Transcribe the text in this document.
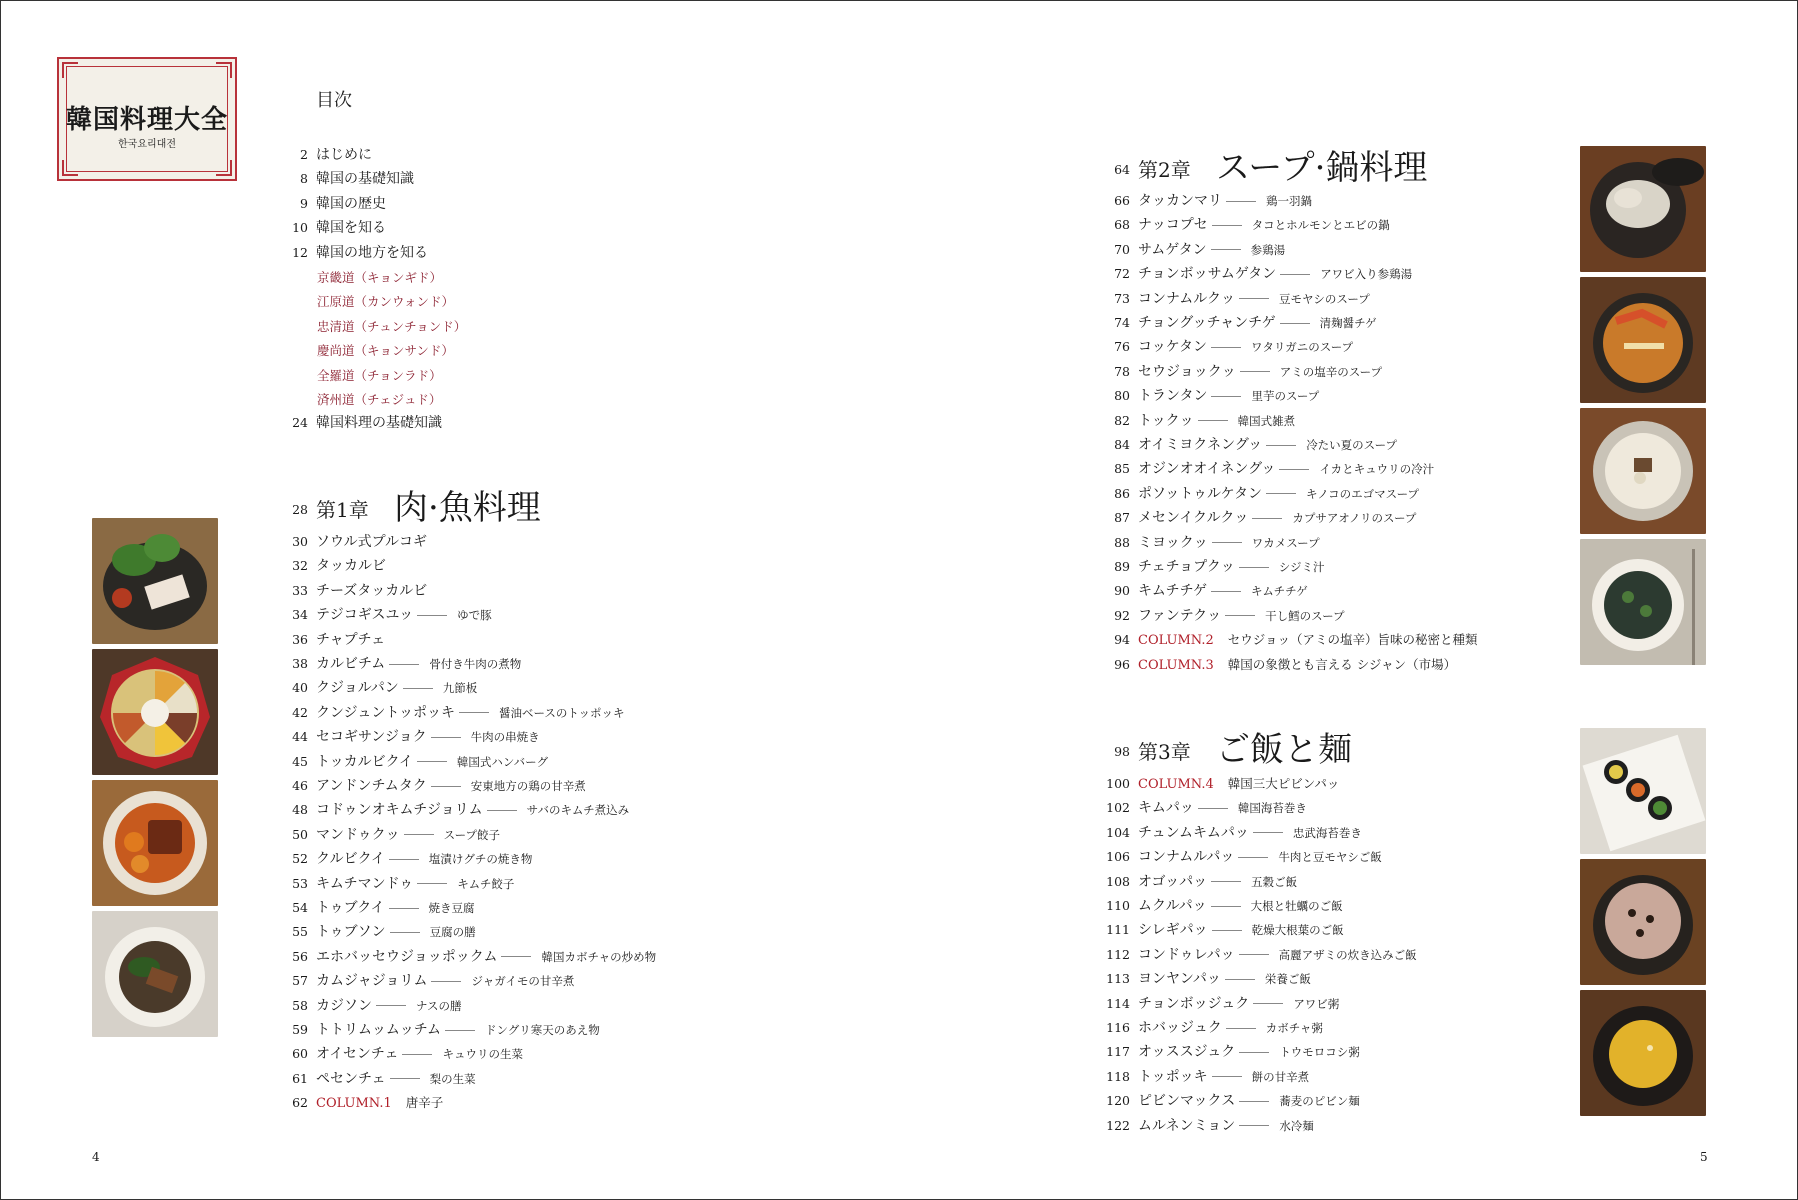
韓国料理大全
한국요리대전
目次
2 はじめに
8 韓国の基礎知識
9 韓国の歴史
10 韓国を知る
12 韓国の地方を知る
京畿道（キョンギド）
江原道（カンウォンド）
忠清道（チュンチョンド）
慶尚道（キョンサンド）
全羅道（チョンラド）
済州道（チェジュド）
24 韓国料理の基礎知識
28 第1章 肉·魚料理
30 ソウル式プルコギ
32 タッカルビ
33 チーズタッカルビ
34 テジコギスユッ	ゆで豚
36 チャプチェ
38 カルビチム	骨付き牛肉の煮物
40 クジョルパン	九節板
42 クンジュントッポッキ	醤油ベースのトッポッキ
44 セコギサンジョク	牛肉の串焼き
45 トッカルビクイ	韓国式ハンバーグ
46 アンドンチムタク	安東地方の鶏の甘辛煮
48 コドゥンオキムチジョリム	サバのキムチ煮込み
50 マンドゥクッ	スープ餃子
52 クルビクイ	塩漬けグチの焼き物
53 キムチマンドゥ	キムチ餃子
54 トゥブクイ	焼き豆腐
55 トゥブソン	豆腐の膳
56 エホバッセウジョッポックム	韓国カボチャの炒め物
57 カムジャジョリム	ジャガイモの甘辛煮
58 カジソン	ナスの膳
59 トトリムッムッチム	ドングリ寒天のあえ物
60 オイセンチェ	キュウリの生菜
61 ペセンチェ	梨の生菜
62 COLUMN.1 唐辛子
64 第2章 スープ·鍋料理
66 タッカンマリ	鶏一羽鍋
68 ナッコプセ	タコとホルモンとエビの鍋
70 サムゲタン	参鶏湯
72 チョンボッサムゲタン	アワビ入り参鶏湯
73 コンナムルクッ	豆モヤシのスープ
74 チョングッチャンチゲ	清麹醤チゲ
76 コッケタン	ワタリガニのスープ
78 セウジョックッ	アミの塩辛のスープ
80 トランタン	里芋のスープ
82 トックッ	韓国式雑煮
84 オイミヨクネングッ	冷たい夏のスープ
85 オジンオオイネングッ	イカとキュウリの冷汁
86 ポソットゥルケタン	キノコのエゴマスープ
87 メセンイクルクッ	カプサアオノリのスープ
88 ミヨックッ	ワカメスープ
89 チェチョプクッ	シジミ汁
90 キムチチゲ	キムチチゲ
92 ファンテクッ	干し鱈のスープ
94 COLUMN.2 セウジョッ（アミの塩辛）旨味の秘密と種類
96 COLUMN.3 韓国の象徴とも言える シジャン（市場）
98 第3章 ご飯と麺
100 COLUMN.4 韓国三大ピビンパッ
102 キムパッ	韓国海苔巻き
104 チュンムキムパッ	忠武海苔巻き
106 コンナムルパッ	牛肉と豆モヤシご飯
108 オゴッパッ	五穀ご飯
110 ムクルパッ	大根と牡蠣のご飯
111 シレギパッ	乾燥大根葉のご飯
112 コンドゥレパッ	高麗アザミの炊き込みご飯
113 ヨンヤンパッ	栄養ご飯
114 チョンボッジュク	アワビ粥
116 ホバッジュク	カボチャ粥
117 オッススジュク	トウモロコシ粥
118 トッポッキ	餅の甘辛煮
120 ピビンマックス	蕎麦のピビン麺
122 ムルネンミョン	水冷麺
4	5
